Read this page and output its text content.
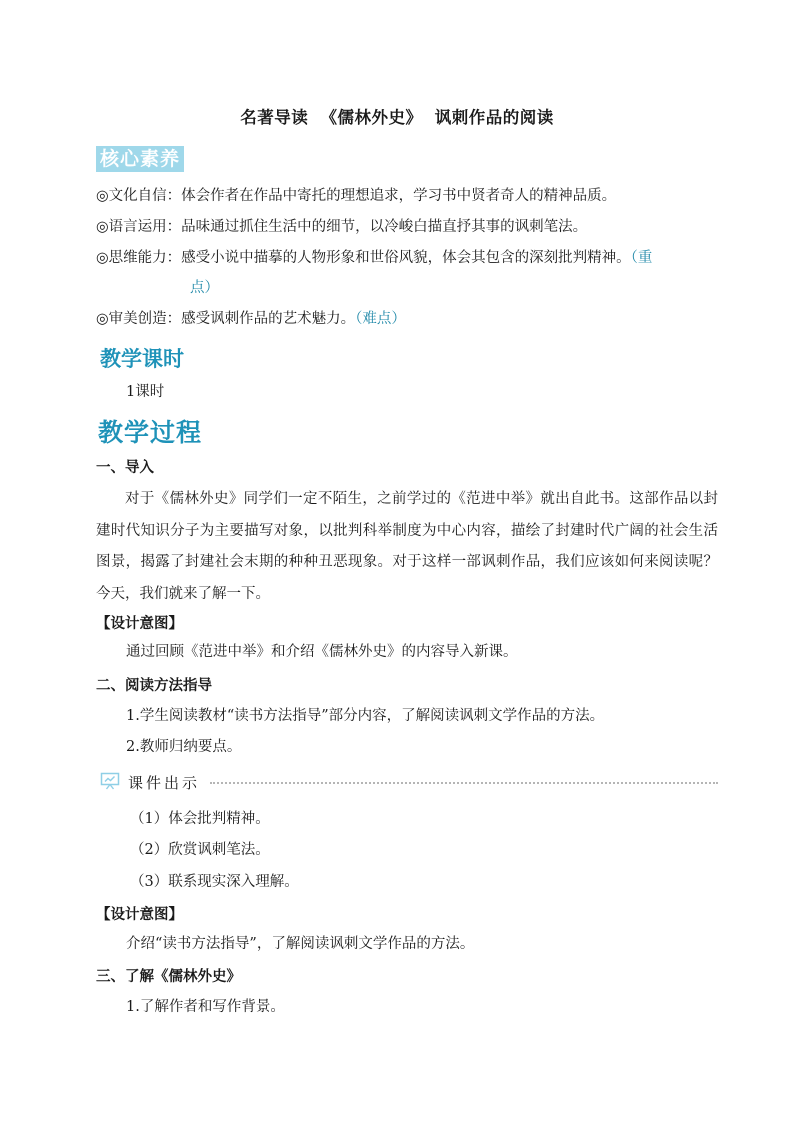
名著导读 《儒林外史》 讽刺作品的阅读
核心素养
◎文化自信：体会作者在作品中寄托的理想追求，学习书中贤者奇人的精神品质。
◎语言运用：品味通过抓住生活中的细节，以冷峻白描直抒其事的讽刺笔法。
◎思维能力：感受小说中描摹的人物形象和世俗风貌，体会其包含的深刻批判精神。（重
点）
◎审美创造：感受讽刺作品的艺术魅力。（难点）
教学课时
1课时
教学过程
一、导入

对于《儒林外史》同学们一定不陌生，之前学过的《范进中举》就出自此书。这部作品以封建时代知识分子为主要描写对象，以批判科举制度为中心内容，描绘了封建时代广阔的社会生活图景，揭露了封建社会末期的种种丑恶现象。对于这样一部讽刺作品，我们应该如何来阅读呢？今天，我们就来了解一下。

【设计意图】
通过回顾《范进中举》和介绍《儒林外史》的内容导入新课。
二、阅读方法指导
1.学生阅读教材“读书方法指导”部分内容，了解阅读讽刺文学作品的方法。
2.教师归纳要点。
课件出示
（1）体会批判精神。
（2）欣赏讽刺笔法。
（3）联系现实深入理解。
【设计意图】
介绍“读书方法指导”，了解阅读讽刺文学作品的方法。
三、了解《儒林外史》
1.了解作者和写作背景。
